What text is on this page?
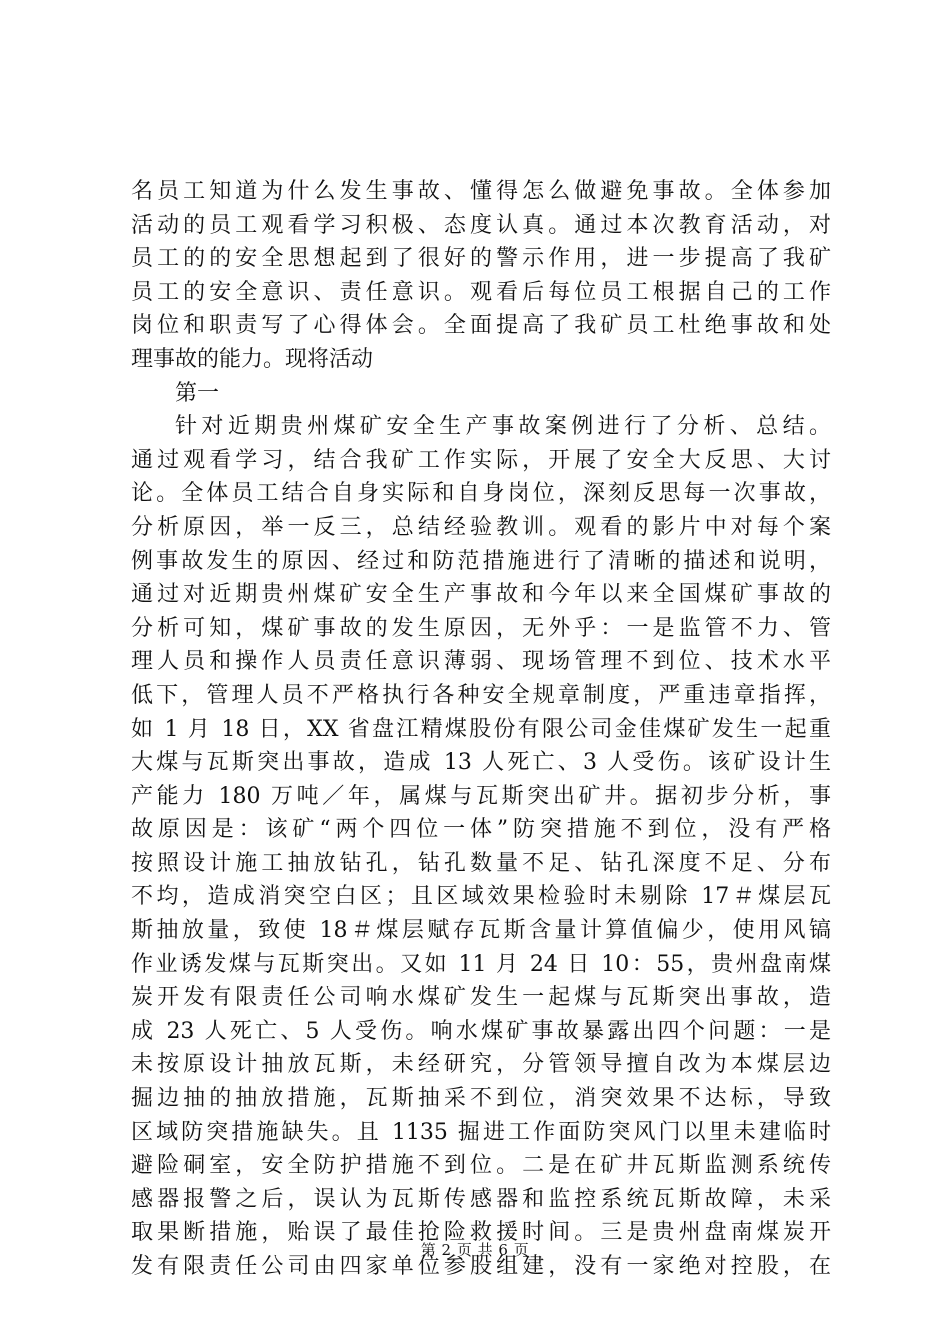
名员工知道为什么发生事故、懂得怎么做避免事故。全体参加
活动的员工观看学习积极、态度认真。通过本次教育活动，对
员工的的安全思想起到了很好的警示作用，进一步提高了我矿
员工的安全意识、责任意识。观看后每位员工根据自己的工作
岗位和职责写了心得体会。全面提高了我矿员工杜绝事故和处
理事故的能力。现将活动
第一
针对近期贵州煤矿安全生产事故案例进行了分析、总结。
通过观看学习，结合我矿工作实际，开展了安全大反思、大讨
论。全体员工结合自身实际和自身岗位，深刻反思每一次事故，
分析原因，举一反三，总结经验教训。观看的影片中对每个案
例事故发生的原因、经过和防范措施进行了清晰的描述和说明，
通过对近期贵州煤矿安全生产事故和今年以来全国煤矿事故的
分析可知，煤矿事故的发生原因，无外乎：一是监管不力、管
理人员和操作人员责任意识薄弱、现场管理不到位、技术水平
低下，管理人员不严格执行各种安全规章制度，严重违章指挥，
如 1 月 18 日，XX 省盘江精煤股份有限公司金佳煤矿发生一起重
大煤与瓦斯突出事故，造成 13 人死亡、3 人受伤。该矿设计生
产能力 180 万吨／年，属煤与瓦斯突出矿井。据初步分析，事
故原因是：该矿“两个四位一体”防突措施不到位，没有严格
按照设计施工抽放钻孔，钻孔数量不足、钻孔深度不足、分布
不均，造成消突空白区；且区域效果检验时未剔除 17＃煤层瓦
斯抽放量，致使 18＃煤层赋存瓦斯含量计算值偏少，使用风镐
作业诱发煤与瓦斯突出。又如 11 月 24 日 10：55，贵州盘南煤
炭开发有限责任公司响水煤矿发生一起煤与瓦斯突出事故，造
成 23 人死亡、5 人受伤。响水煤矿事故暴露出四个问题：一是
未按原设计抽放瓦斯，未经研究，分管领导擅自改为本煤层边
掘边抽的抽放措施，瓦斯抽采不到位，消突效果不达标，导致
区域防突措施缺失。且 1135 掘进工作面防突风门以里未建临时
避险硐室，安全防护措施不到位。二是在矿井瓦斯监测系统传
感器报警之后，误认为瓦斯传感器和监控系统瓦斯故障，未采
取果断措施，贻误了最佳抢险救援时间。三是贵州盘南煤炭开
发有限责任公司由四家单位参股组建，没有一家绝对控股，在
第 2 页 共 6 页
